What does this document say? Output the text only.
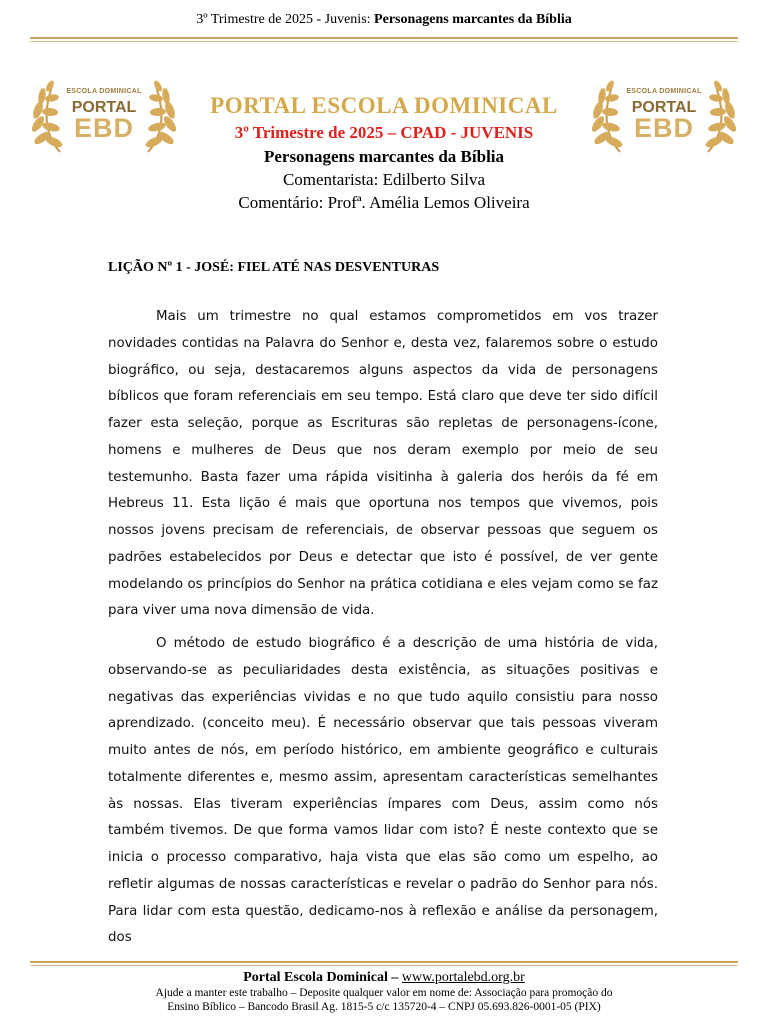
3º Trimestre de 2025 - Juvenis: Personagens marcantes da Bíblia
ESCOLA DOMINICAL
PORTAL
EBD
ESCOLA DOMINICAL
PORTAL
EBD
PORTAL ESCOLA DOMINICAL
3º Trimestre de 2025 – CPAD - JUVENIS
Personagens marcantes da Bíblia
Comentarista: Edilberto Silva
Comentário: Profª. Amélia Lemos Oliveira
LIÇÃO Nº 1 - JOSÉ: FIEL ATÉ NAS DESVENTURAS

Mais um trimestre no qual estamos comprometidos em vos trazer novidades contidas na Palavra do Senhor e, desta vez, falaremos sobre o estudo biográfico, ou seja, destacaremos alguns aspectos da vida de personagens bíblicos que foram referenciais em seu tempo. Está claro que deve ter sido difícil fazer esta seleção, porque as Escrituras são repletas de personagens-ícone, homens e mulheres de Deus que nos deram exemplo por meio de seu testemunho. Basta fazer uma rápida visitinha à galeria dos heróis da fé em Hebreus 11. Esta lição é mais que oportuna nos tempos que vivemos, pois nossos jovens precisam de referenciais, de observar pessoas que seguem os padrões estabelecidos por Deus e detectar que isto é possível, de ver gente modelando os princípios do Senhor na prática cotidiana e eles vejam como se faz para viver uma nova dimensão de vida.

O método de estudo biográfico é a descrição de uma história de vida, observando-se as peculiaridades desta existência, as situações positivas e negativas das experiências vividas e no que tudo aquilo consistiu para nosso aprendizado. (conceito meu). É necessário observar que tais pessoas viveram muito antes de nós, em período histórico, em ambiente geográfico e culturais totalmente diferentes e, mesmo assim, apresentam características semelhantes às nossas. Elas tiveram experiências ímpares com Deus, assim como nós também tivemos. De que forma vamos lidar com isto? É neste contexto que se inicia o processo comparativo, haja vista que elas são como um espelho, ao refletir algumas de nossas características e revelar o padrão do Senhor para nós. Para lidar com esta questão, dedicamo-nos à reflexão e análise da personagem, dos

Portal Escola Dominical – www.portalebd.org.br
Ajude a manter este trabalho – Deposite qualquer valor em nome de: Associação para promoção do
Ensino Bíblico – Bancodo Brasil Ag. 1815-5 c/c 135720-4 – CNPJ 05.693.826-0001-05 (PIX)
